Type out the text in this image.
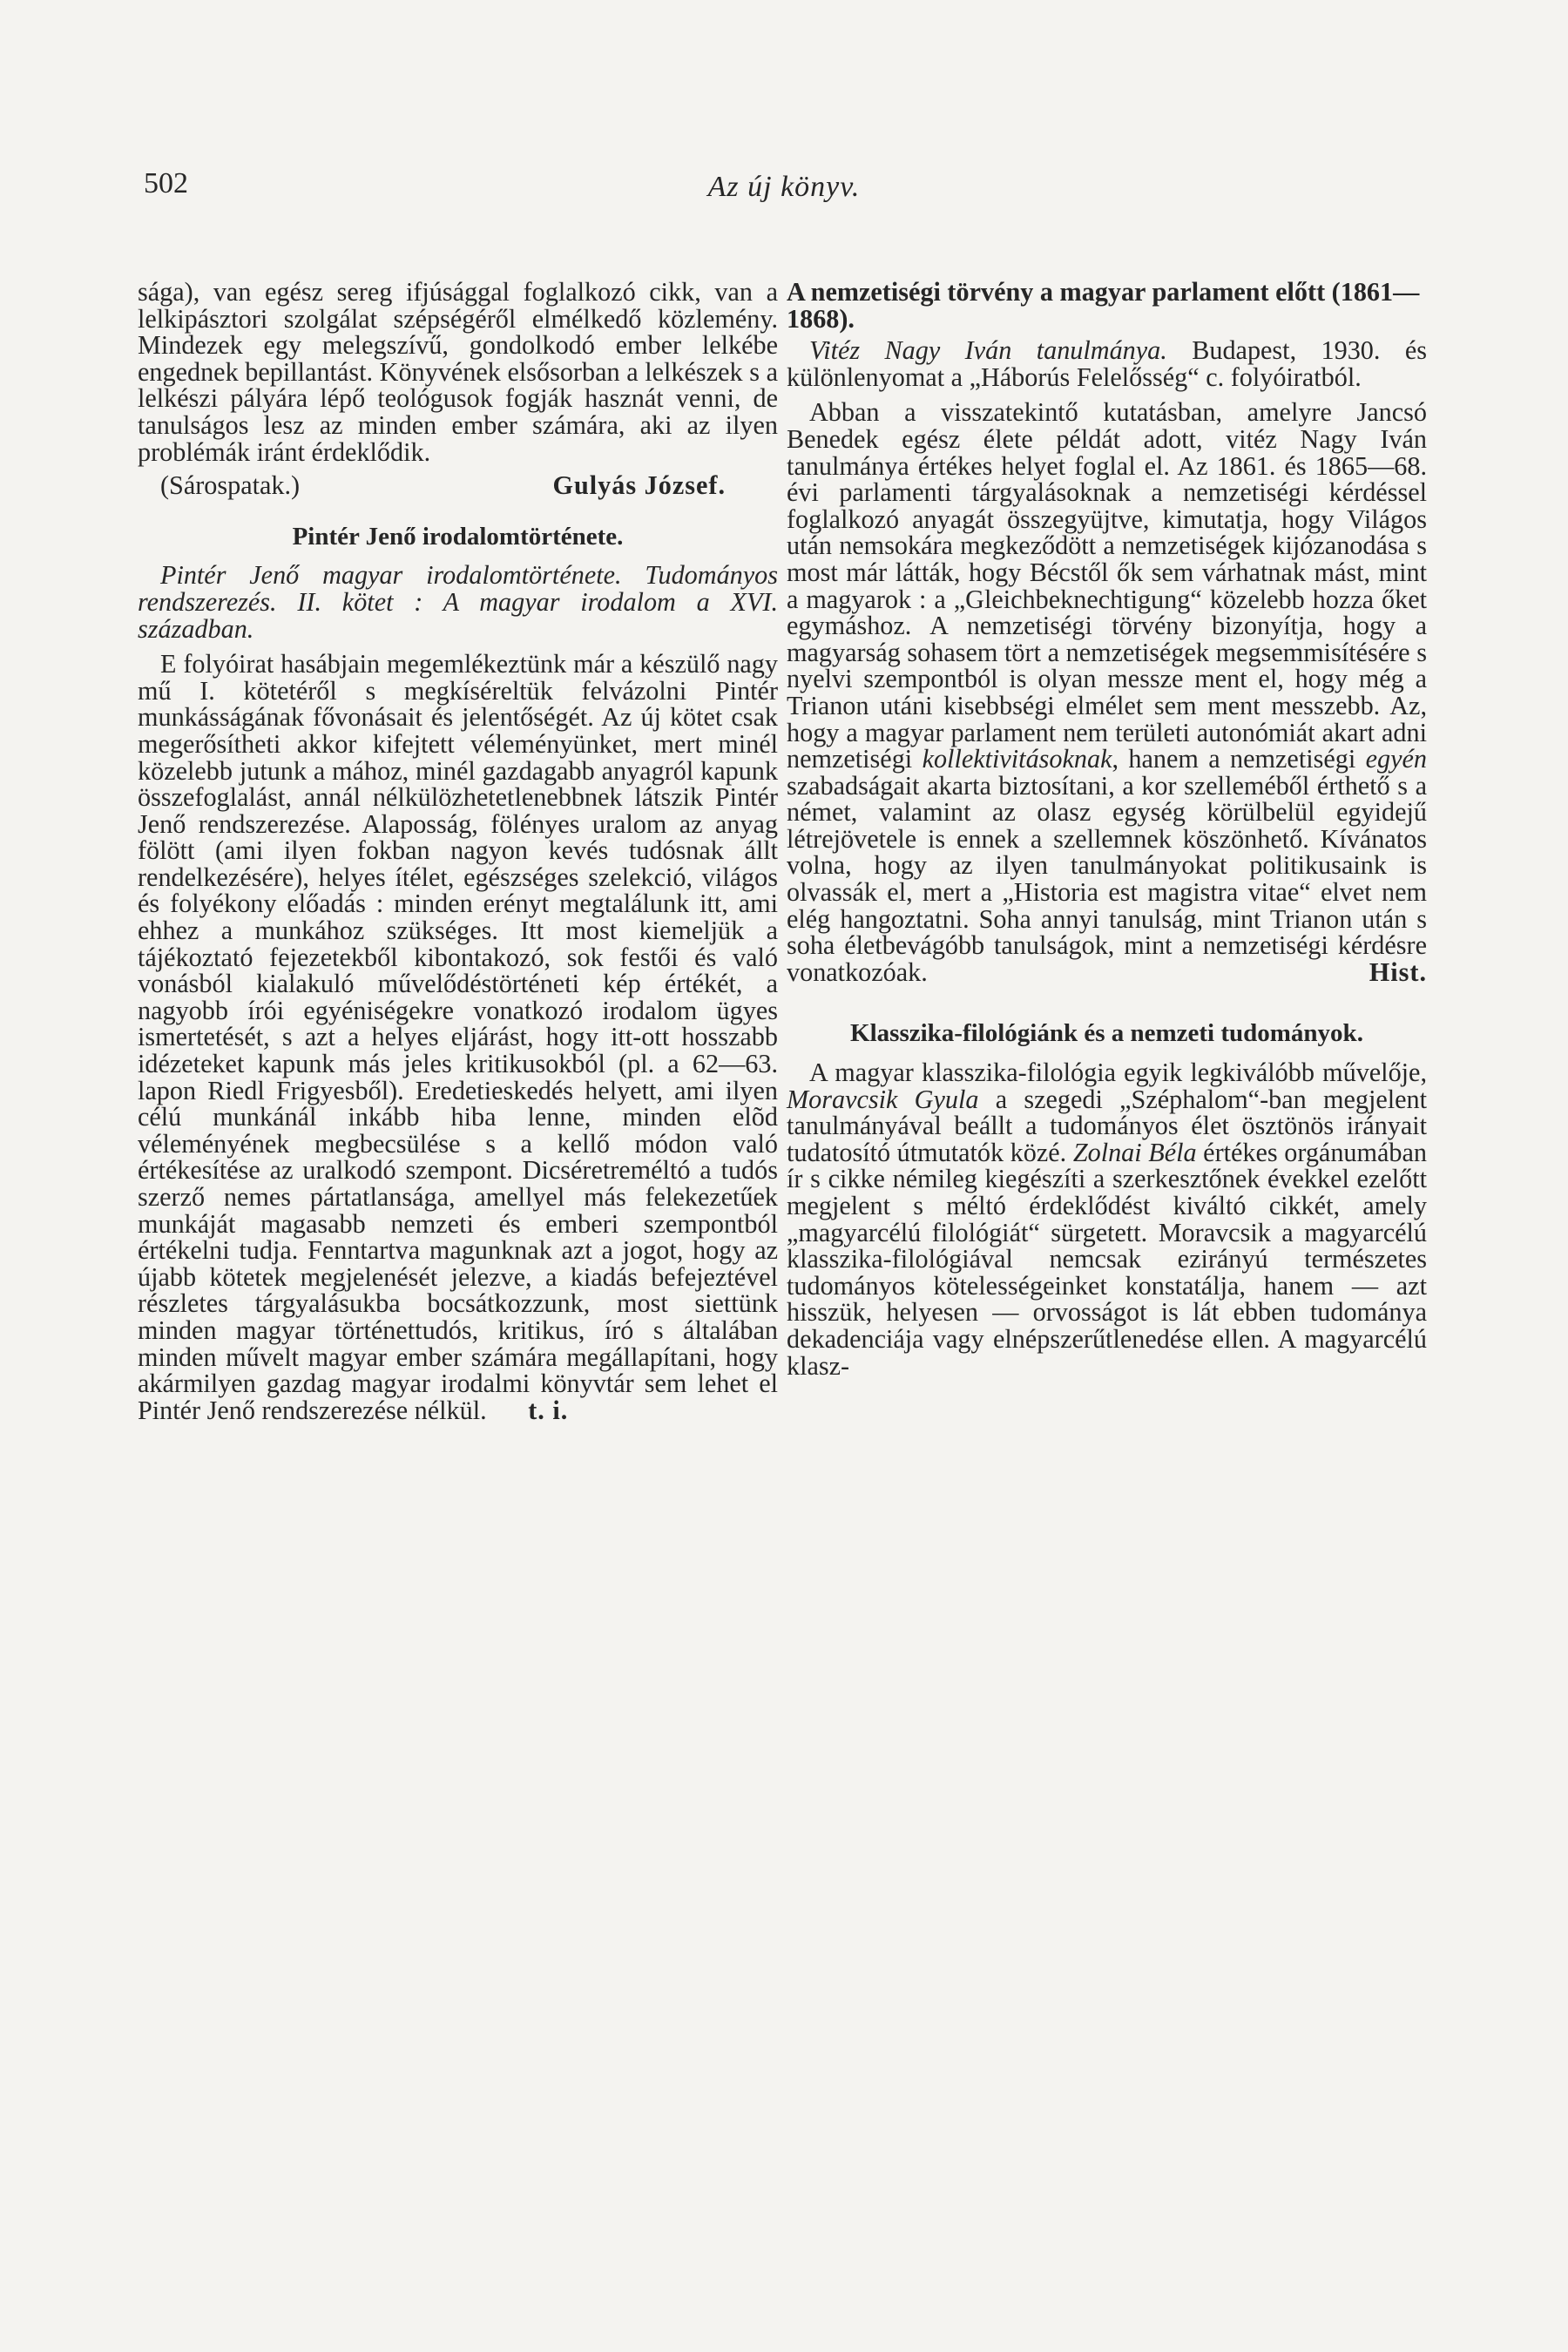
502	Az új könyv.

sága), van egész sereg ifjúsággal foglalkozó cikk, van a lelkipásztori szolgálat szépségéről elmélkedő közlemény. Mindezek egy melegszívű, gondolkodó ember lelkébe engednek bepillantást. Könyvének elsősorban a lelkészek s a lelkészi pályára lépő teológusok fogják hasznát venni, de tanulságos lesz az minden ember számára, aki az ilyen problémák iránt érdeklődik.

(Sárospatak.)	Gulyás József.

Pintér Jenő irodalomtörténete.

Pintér Jenő magyar irodalomtörténete. Tudományos rendszerezés. II. kötet : A magyar irodalom a XVI. században.

E folyóirat hasábjain megemlékeztünk már a készülő nagy mű I. kötetéről s megkíséreltük felvázolni Pintér munkásságának fővonásait és jelentőségét. Az új kötet csak megerősítheti akkor kifejtett véleményünket, mert minél közelebb jutunk a mához, minél gazdagabb anyagról kapunk összefoglalást, annál nélkülözhetetlenebbnek látszik Pintér Jenő rendszerezése. Alaposság, fölényes uralom az anyag fölött (ami ilyen fokban nagyon kevés tudósnak állt rendelkezésére), helyes ítélet, egészséges szelekció, világos és folyékony előadás : minden erényt megtalálunk itt, ami ehhez a munkához szükséges. Itt most kiemeljük a tájékoztató fejezetekből kibontakozó, sok festői és való vonásból kialakuló művelődéstörténeti kép értékét, a nagyobb írói egyéniségekre vonatkozó irodalom ügyes ismertetését, s azt a helyes eljárást, hogy itt-ott hosszabb idézeteket kapunk más jeles kritikusokból (pl. a 62—63. lapon Riedl Frigyesből). Eredetieskedés helyett, ami ilyen célú munkánál inkább hiba lenne, minden elõd véleményének megbecsülése s a kellő módon való értékesítése az uralkodó szempont. Dicséretreméltó a tudós szerző nemes pártatlansága, amellyel más felekezetűek munkáját magasabb nemzeti és emberi szempontból értékelni tudja. Fenntartva magunknak azt a jogot, hogy az újabb kötetek megjelenését jelezve, a kiadás befejeztével részletes tárgyalásukba bocsátkozzunk, most siettünk minden magyar történettudós, kritikus, író s általában minden művelt magyar ember számára megállapítani, hogy akármilyen gazdag magyar irodalmi könyvtár sem lehet el Pintér Jenő rendszerezése nélkül. t. i.

A nemzetiségi törvény a magyar parlament előtt (1861—1868).

Vitéz Nagy Iván tanulmánya. Budapest, 1930. és különlenyomat a „Háborús Felelősség“ c. folyóiratból.

Abban a visszatekintő kutatásban, amelyre Jancsó Benedek egész élete példát adott, vitéz Nagy Iván tanulmánya értékes helyet foglal el. Az 1861. és 1865—68. évi parlamenti tárgyalásoknak a nemzetiségi kérdéssel foglalkozó anyagát összegyüjtve, kimutatja, hogy Világos után nemsokára megkeződött a nemzetiségek kijózanodása s most már látták, hogy Bécstől ők sem várhatnak mást, mint a magyarok : a „Gleichbeknechtigung“ közelebb hozza őket egymáshoz. A nemzetiségi törvény bizonyítja, hogy a magyarság sohasem tört a nemzetiségek megsemmisítésére s nyelvi szempontból is olyan messze ment el, hogy még a Trianon utáni kisebbségi elmélet sem ment messzebb. Az, hogy a magyar parlament nem területi autonómiát akart adni nemzetiségi kollektivitásoknak, hanem a nemzetiségi egyén szabadságait akarta biztosítani, a kor szelleméből érthető s a német, valamint az olasz egység körülbelül egyidejű létrejövetele is ennek a szellemnek köszönhető. Kívánatos volna, hogy az ilyen tanulmányokat politikusaink is olvassák el, mert a „Historia est magistra vitae“ elvet nem elég hangoztatni. Soha annyi tanulság, mint Trianon után s soha életbevágóbb tanulságok, mint a nemzetiségi kérdésre vonatkozóak.	Hist.

Klasszika-filológiánk és a nemzeti tudományok.

A magyar klasszika-filológia egyik legkiválóbb művelője, Moravcsik Gyula a szegedi „Széphalom“-ban megjelent tanulmányával beállt a tudományos élet ösztönös irányait tudatosító útmutatók közé. Zolnai Béla értékes orgánumában ír s cikke némileg kiegészíti a szerkesztőnek évekkel ezelőtt megjelent s méltó érdeklődést kiváltó cikkét, amely „magyarcélú filológiát“ sürgetett. Moravcsik a magyarcélú klasszika-filológiával nemcsak ezirányú természetes tudományos kötelességeinket konstatálja, hanem — azt hisszük, helyesen — orvosságot is lát ebben tudománya dekadenciája vagy elnépszerűtlenedése ellen. A magyarcélú klasz-
